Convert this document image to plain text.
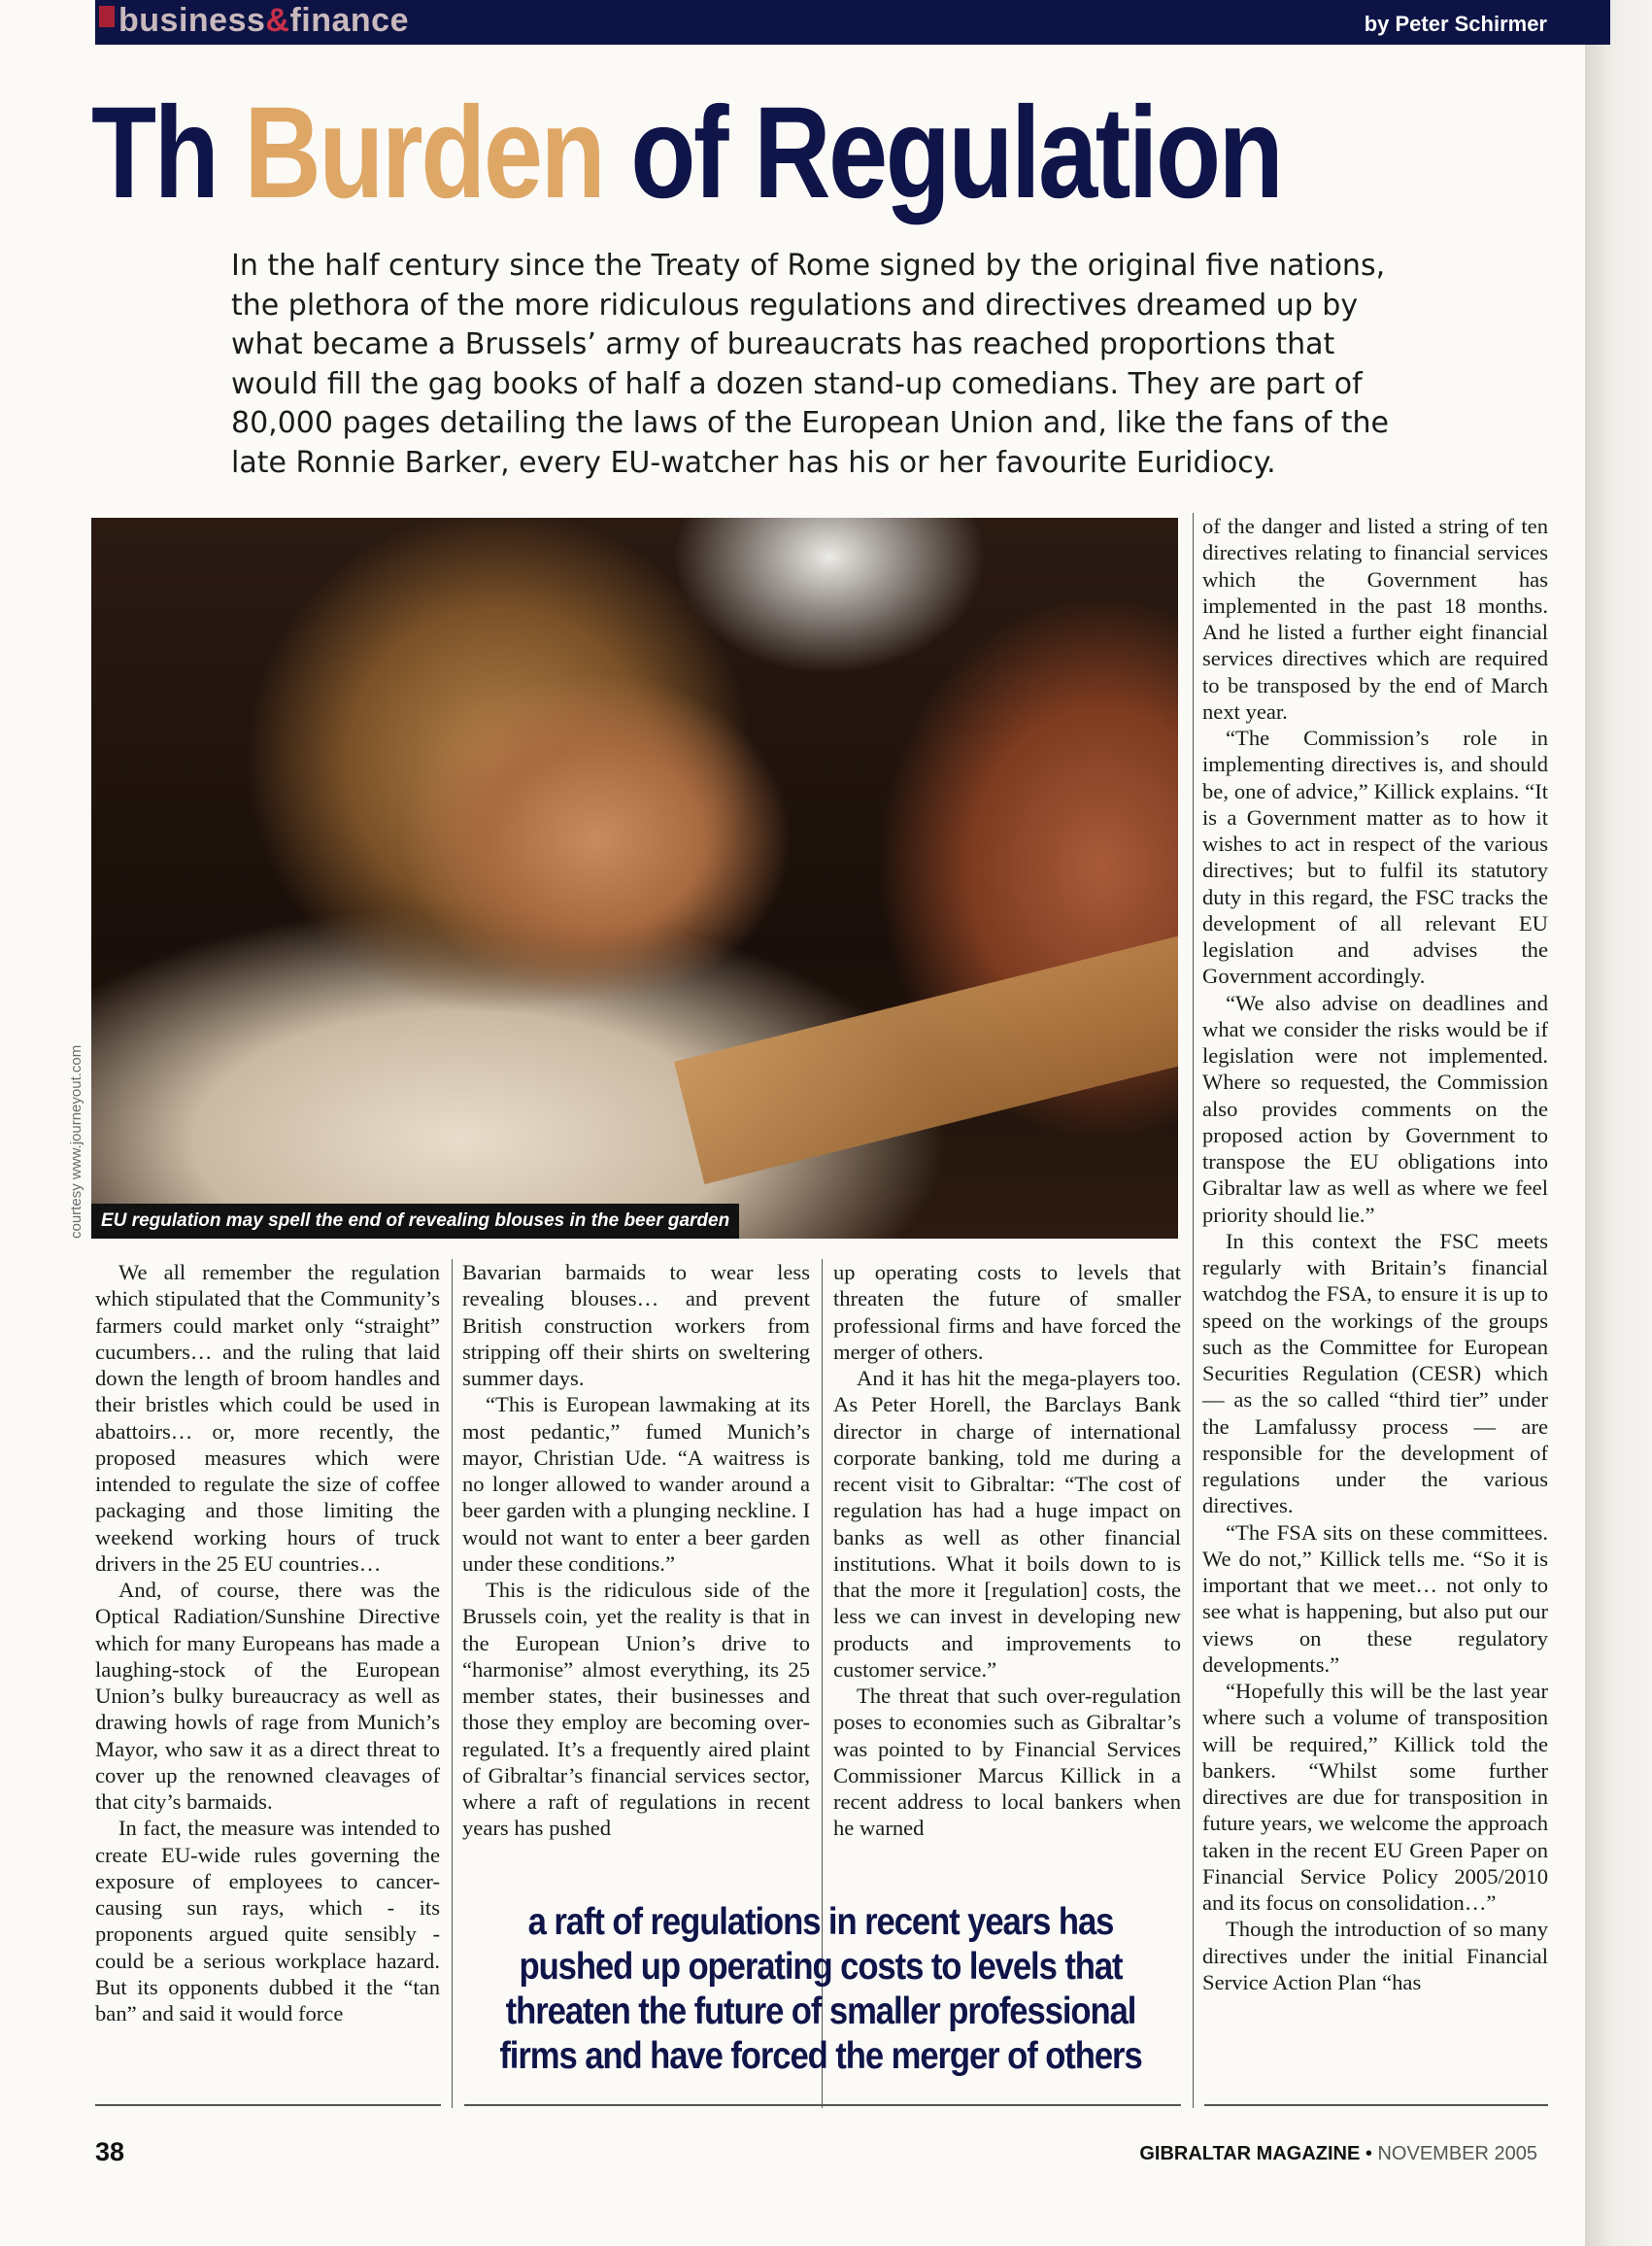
business&finance	by Peter Schirmer
Th Burden of Regulation

In the half century since the Treaty of Rome signed by the original five nations, the plethora of the more ridiculous regulations and directives dreamed up by what became a Brussels’ army of bureaucrats has reached proportions that would fill the gag books of half a dozen stand-up comedians. They are part of 80,000 pages detailing the laws of the European Union and, like the fans of the late Ronnie Barker, every EU-watcher has his or her favourite Euridiocy.

EU regulation may spell the end of revealing blouses in the beer garden

courtesy www.journeyout.com

We all remember the regulation which stipulated that the Community’s farmers could market only “straight” cucumbers… and the ruling that laid down the length of broom handles and their bristles which could be used in abattoirs… or, more recently, the proposed measures which were intended to regulate the size of coffee packaging and those limiting the weekend working hours of truck drivers in the 25 EU countries…

And, of course, there was the Optical Radiation/Sunshine Directive which for many Europeans has made a laughing-stock of the European Union’s bulky bureaucracy as well as drawing howls of rage from Munich’s Mayor, who saw it as a direct threat to cover up the renowned cleavages of that city’s barmaids.

In fact, the measure was intended to create EU-wide rules governing the exposure of employees to cancer-causing sun rays, which - its proponents argued quite sensibly - could be a serious workplace hazard. But its opponents dubbed it the “tan ban” and said it would force

Bavarian barmaids to wear less revealing blouses… and prevent British construction workers from stripping off their shirts on sweltering summer days.

“This is European lawmaking at its most pedantic,” fumed Munich’s mayor, Christian Ude. “A waitress is no longer allowed to wander around a beer garden with a plunging neckline. I would not want to enter a beer garden under these conditions.”

This is the ridiculous side of the Brussels coin, yet the reality is that in the European Union’s drive to “harmonise” almost everything, its 25 member states, their businesses and those they employ are becoming over-regulated. It’s a frequently aired plaint of Gibraltar’s financial services sector, where a raft of regulations in recent years has pushed

up operating costs to levels that threaten the future of smaller professional firms and have forced the merger of others.

And it has hit the mega-players too. As Peter Horell, the Barclays Bank director in charge of international corporate banking, told me during a recent visit to Gibraltar: “The cost of regulation has had a huge impact on banks as well as other financial institutions. What it boils down to is that the more it [regulation] costs, the less we can invest in developing new products and improvements to customer service.”

The threat that such over-regulation poses to economies such as Gibraltar’s was pointed to by Financial Services Commissioner Marcus Killick in a recent address to local bankers when he warned

of the danger and listed a string of ten directives relating to financial services which the Government has implemented in the past 18 months. And he listed a further eight financial services directives which are required to be transposed by the end of March next year.

“The Commission’s role in implementing directives is, and should be, one of advice,” Killick explains. “It is a Government matter as to how it wishes to act in respect of the various directives; but to fulfil its statutory duty in this regard, the FSC tracks the development of all relevant EU legislation and advises the Government accordingly.

“We also advise on deadlines and what we consider the risks would be if legislation were not implemented. Where so requested, the Commission also provides comments on the proposed action by Government to transpose the EU obligations into Gibraltar law as well as where we feel priority should lie.”

In this context the FSC meets regularly with Britain’s financial watchdog the FSA, to ensure it is up to speed on the workings of the groups such as the Committee for European Securities Regulation (CESR) which — as the so called “third tier” under the Lamfalussy process — are responsible for the development of regulations under the various directives.

“The FSA sits on these committees. We do not,” Killick tells me. “So it is important that we meet… not only to see what is happening, but also put our views on these regulatory developments.”

“Hopefully this will be the last year where such a volume of transposition will be required,” Killick told the bankers. “Whilst some further directives are due for transposition in future years, we welcome the approach taken in the recent EU Green Paper on Financial Service Policy 2005/2010 and its focus on consolidation…”

Though the introduction of so many directives under the initial Financial Service Action Plan “has

a raft of regulations in recent years has pushed up operating costs to levels that threaten the future of smaller professional firms and have forced the merger of others

38	GIBRALTAR MAGAZINE • NOVEMBER 2005
